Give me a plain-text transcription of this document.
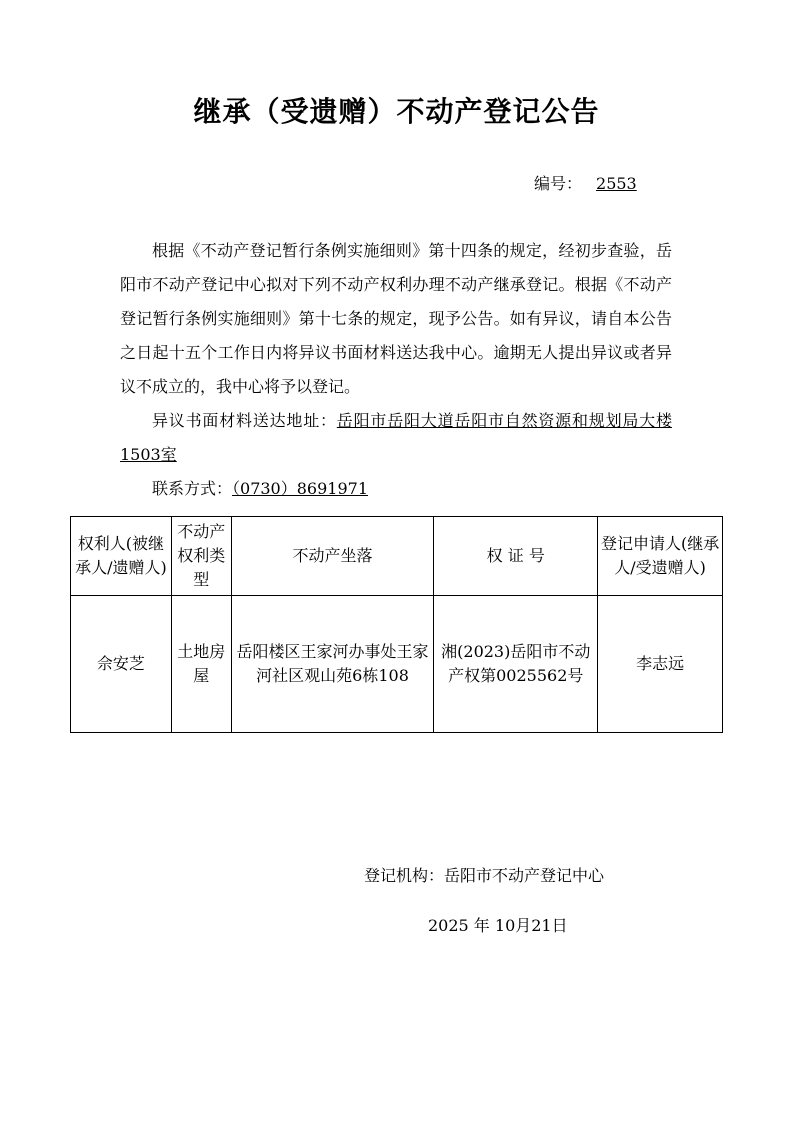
继承（受遗赠）不动产登记公告
编号： 2553

根据《不动产登记暂行条例实施细则》第十四条的规定，经初步查验，岳阳市不动产登记中心拟对下列不动产权利办理不动产继承登记。根据《不动产登记暂行条例实施细则》第十七条的规定，现予公告。如有异议，请自本公告之日起十五个工作日内将异议书面材料送达我中心。逾期无人提出异议或者异议不成立的，我中心将予以登记。

异议书面材料送达地址：岳阳市岳阳大道岳阳市自然资源和规划局大楼1503室

联系方式：（0730）8691971

权利人(被继承人/遗赠人)	不动产权利类型	不动产坐落	权 证 号	登记申请人(继承人/受遗赠人)
佘安芝	土地房屋	岳阳楼区王家河办事处王家河社区观山苑6栋108	湘(2023)岳阳市不动产权第0025562号	李志远
登记机构：岳阳市不动产登记中心
2025 年 10月21日
